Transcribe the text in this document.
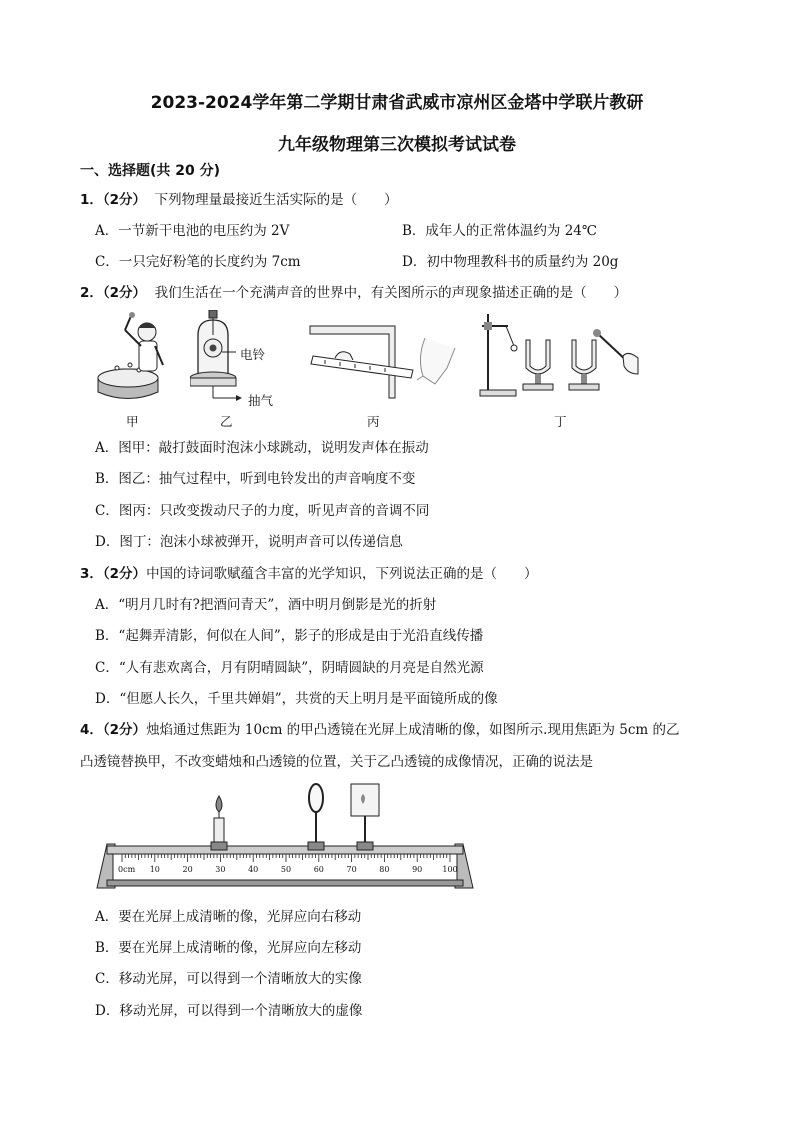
2023-2024学年第二学期甘肃省武威市凉州区金塔中学联片教研
九年级物理第三次模拟考试试卷
一、选择题(共 20 分)
1．（2分） 下列物理量最接近生活实际的是（　　）
A．一节新干电池的电压约为 2V	B．成年人的正常体温约为 24℃
C．一只完好粉笔的长度约为 7cm	D．初中物理教科书的质量约为 20g
2．（2分） 我们生活在一个充满声音的世界中，有关图所示的声现象描述正确的是（　　）
甲
电铃
抽气
乙	丙	丁
A．图甲：敲打鼓面时泡沫小球跳动，说明发声体在振动
B．图乙：抽气过程中，听到电铃发出的声音响度不变
C．图丙：只改变拨动尺子的力度，听见声音的音调不同
D．图丁：泡沫小球被弹开，说明声音可以传递信息
3．（2分）中国的诗词歌赋蕴含丰富的光学知识，下列说法正确的是（　　）
A．“明月几时有?把酒问青天”，酒中明月倒影是光的折射
B．“起舞弄清影，何似在人间”，影子的形成是由于光沿直线传播
C．“人有悲欢离合，月有阴晴圆缺”，阴晴圆缺的月亮是自然光源
D．“但愿人长久，千里共婵娟”，共赏的天上明月是平面镜所成的像
4．（2分）烛焰通过焦距为 10cm 的甲凸透镜在光屏上成清晰的像，如图所示.现用焦距为 5cm 的乙
凸透镜替换甲，不改变蜡烛和凸透镜的位置，关于乙凸透镜的成像情况，正确的说法是
0cm 10	20	30	40	50	60	70	80	90	100
A．要在光屏上成清晰的像，光屏应向右移动
B．要在光屏上成清晰的像，光屏应向左移动
C．移动光屏，可以得到一个清晰放大的实像
D．移动光屏，可以得到一个清晰放大的虚像
